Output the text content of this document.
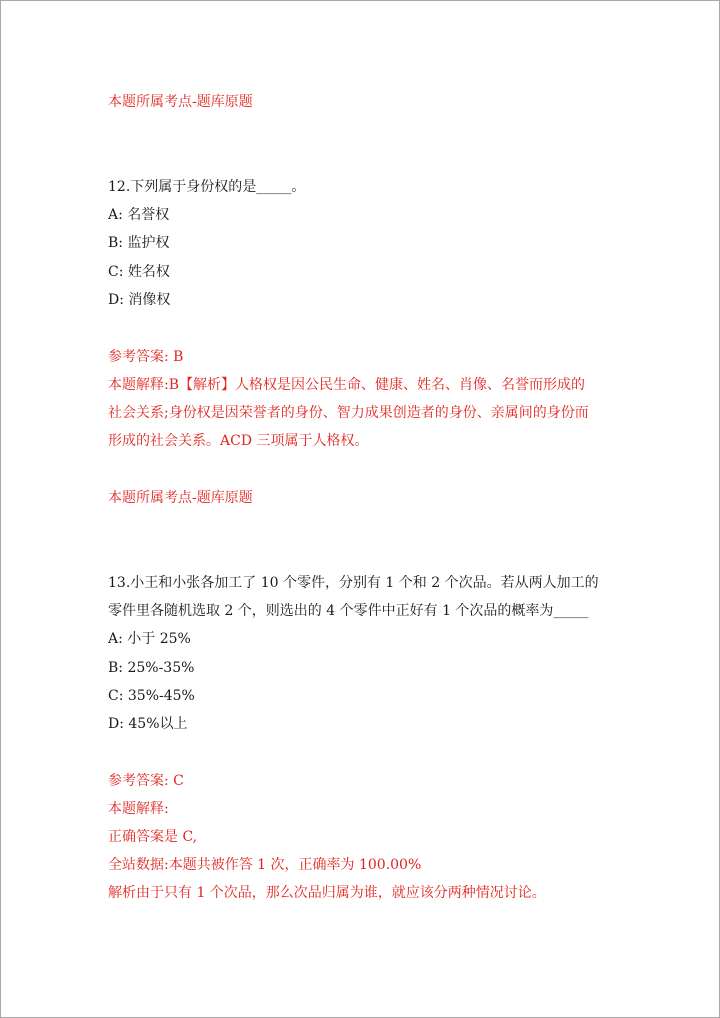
本题所属考点-题库原题
12.下列属于身份权的是_____。
A: 名誉权
B: 监护权
C: 姓名权
D: 消像权
参考答案: B
本题解释:B【解析】人格权是因公民生命、健康、姓名、肖像、名誉而形成的
社会关系;身份权是因荣誉者的身份、智力成果创造者的身份、亲属间的身份而
形成的社会关系。ACD 三项属于人格权。
本题所属考点-题库原题
13.小王和小张各加工了 10 个零件，分别有 1 个和 2 个次品。若从两人加工的
零件里各随机选取 2 个，则选出的 4 个零件中正好有 1 个次品的概率为_____
A: 小于 25%
B: 25%-35%
C: 35%-45%
D: 45%以上
参考答案: C
本题解释:
正确答案是 C,
全站数据:本题共被作答 1 次，正确率为 100.00%
解析由于只有 1 个次品，那么次品归属为谁，就应该分两种情况讨论。
